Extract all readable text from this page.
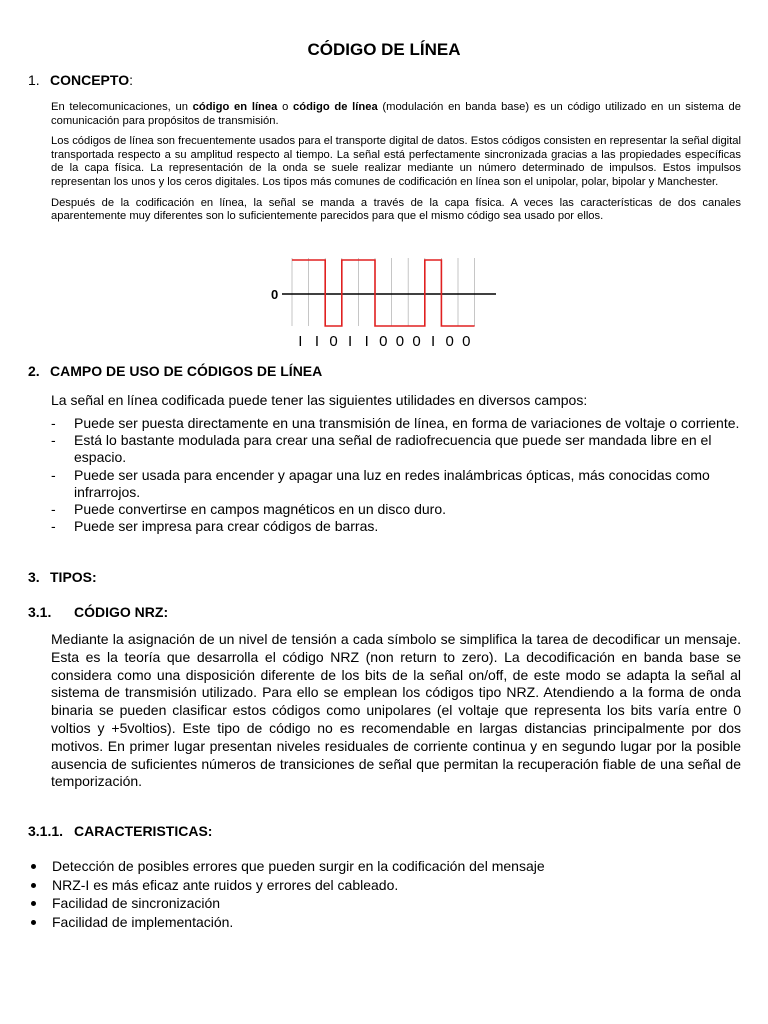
CÓDIGO DE LÍNEA
1. CONCEPTO:

En telecomunicaciones, un código en línea o código de línea (modulación en banda base) es un código utilizado en un sistema de comunicación para propósitos de transmisión.

Los códigos de línea son frecuentemente usados para el transporte digital de datos. Estos códigos consisten en representar la señal digital transportada respecto a su amplitud respecto al tiempo. La señal está perfectamente sincronizada gracias a las propiedades específicas de la capa física. La representación de la onda se suele realizar mediante un número determinado de impulsos. Estos impulsos representan los unos y los ceros digitales. Los tipos más comunes de codificación en línea son el unipolar, polar, bipolar y Manchester.

Después de la codificación en línea, la señal se manda a través de la capa física. A veces las características de dos canales aparentemente muy diferentes son lo suficientemente parecidos para que el mismo código sea usado por ellos.

0
I I 0 I I 0 0 0 I 0 0
2. CAMPO DE USO DE CÓDIGOS DE LÍNEA
La señal en línea codificada puede tener las siguientes utilidades en diversos campos:
- Puede ser puesta directamente en una transmisión de línea, en forma de variaciones de voltaje o corriente.
- Está lo bastante modulada para crear una señal de radiofrecuencia que puede ser mandada libre en el espacio.
- Puede ser usada para encender y apagar una luz en redes inalámbricas ópticas, más conocidas como infrarrojos.
- Puede convertirse en campos magnéticos en un disco duro.
- Puede ser impresa para crear códigos de barras.
3. TIPOS:
3.1. CÓDIGO NRZ:
Mediante la asignación de un nivel de tensión a cada símbolo se simplifica la tarea de decodificar un mensaje. Esta es la teoría que desarrolla el código NRZ (non return to zero). La decodificación en banda base se considera como una disposición diferente de los bits de la señal on/off, de este modo se adapta la señal al sistema de transmisión utilizado. Para ello se emplean los códigos tipo NRZ. Atendiendo a la forma de onda binaria se pueden clasificar estos códigos como unipolares (el voltaje que representa los bits varía entre 0 voltios y +5voltios). Este tipo de código no es recomendable en largas distancias principalmente por dos motivos. En primer lugar presentan niveles residuales de corriente continua y en segundo lugar por la posible ausencia de suficientes números de transiciones de señal que permitan la recuperación fiable de una señal de temporización.
3.1.1. CARACTERISTICAS:
Detección de posibles errores que pueden surgir en la codificación del mensaje
NRZ-I es más eficaz ante ruidos y errores del cableado.
Facilidad de sincronización
Facilidad de implementación.
